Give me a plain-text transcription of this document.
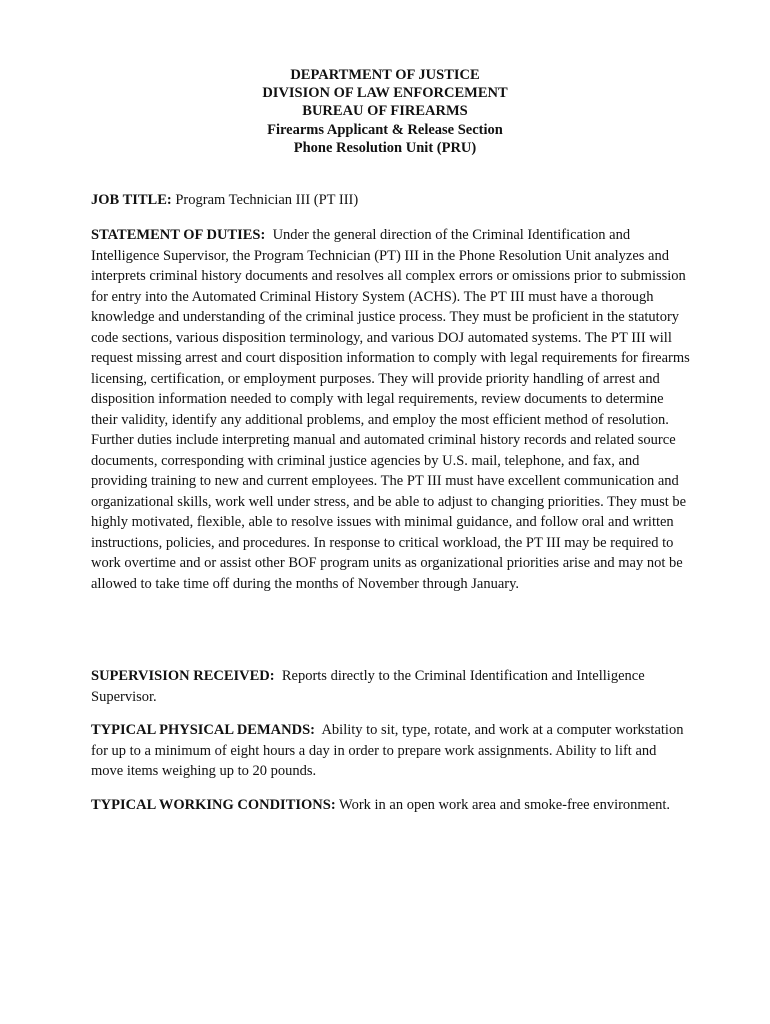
DEPARTMENT OF JUSTICE
DIVISION OF LAW ENFORCEMENT
BUREAU OF FIREARMS
Firearms Applicant & Release Section
Phone Resolution Unit (PRU)
JOB TITLE: Program Technician III (PT III)
STATEMENT OF DUTIES: Under the general direction of the Criminal Identification and Intelligence Supervisor, the Program Technician (PT) III in the Phone Resolution Unit analyzes and interprets criminal history documents and resolves all complex errors or omissions prior to submission for entry into the Automated Criminal History System (ACHS). The PT III must have a thorough knowledge and understanding of the criminal justice process. They must be proficient in the statutory code sections, various disposition terminology, and various DOJ automated systems. The PT III will request missing arrest and court disposition information to comply with legal requirements for firearms licensing, certification, or employment purposes. They will provide priority handling of arrest and disposition information needed to comply with legal requirements, review documents to determine their validity, identify any additional problems, and employ the most efficient method of resolution. Further duties include interpreting manual and automated criminal history records and related source documents, corresponding with criminal justice agencies by U.S. mail, telephone, and fax, and providing training to new and current employees. The PT III must have excellent communication and organizational skills, work well under stress, and be able to adjust to changing priorities. They must be highly motivated, flexible, able to resolve issues with minimal guidance, and follow oral and written instructions, policies, and procedures. In response to critical workload, the PT III may be required to work overtime and or assist other BOF program units as organizational priorities arise and may not be allowed to take time off during the months of November through January.
SUPERVISION RECEIVED: Reports directly to the Criminal Identification and Intelligence Supervisor.
TYPICAL PHYSICAL DEMANDS: Ability to sit, type, rotate, and work at a computer workstation for up to a minimum of eight hours a day in order to prepare work assignments. Ability to lift and move items weighing up to 20 pounds.
TYPICAL WORKING CONDITIONS: Work in an open work area and smoke-free environment.
